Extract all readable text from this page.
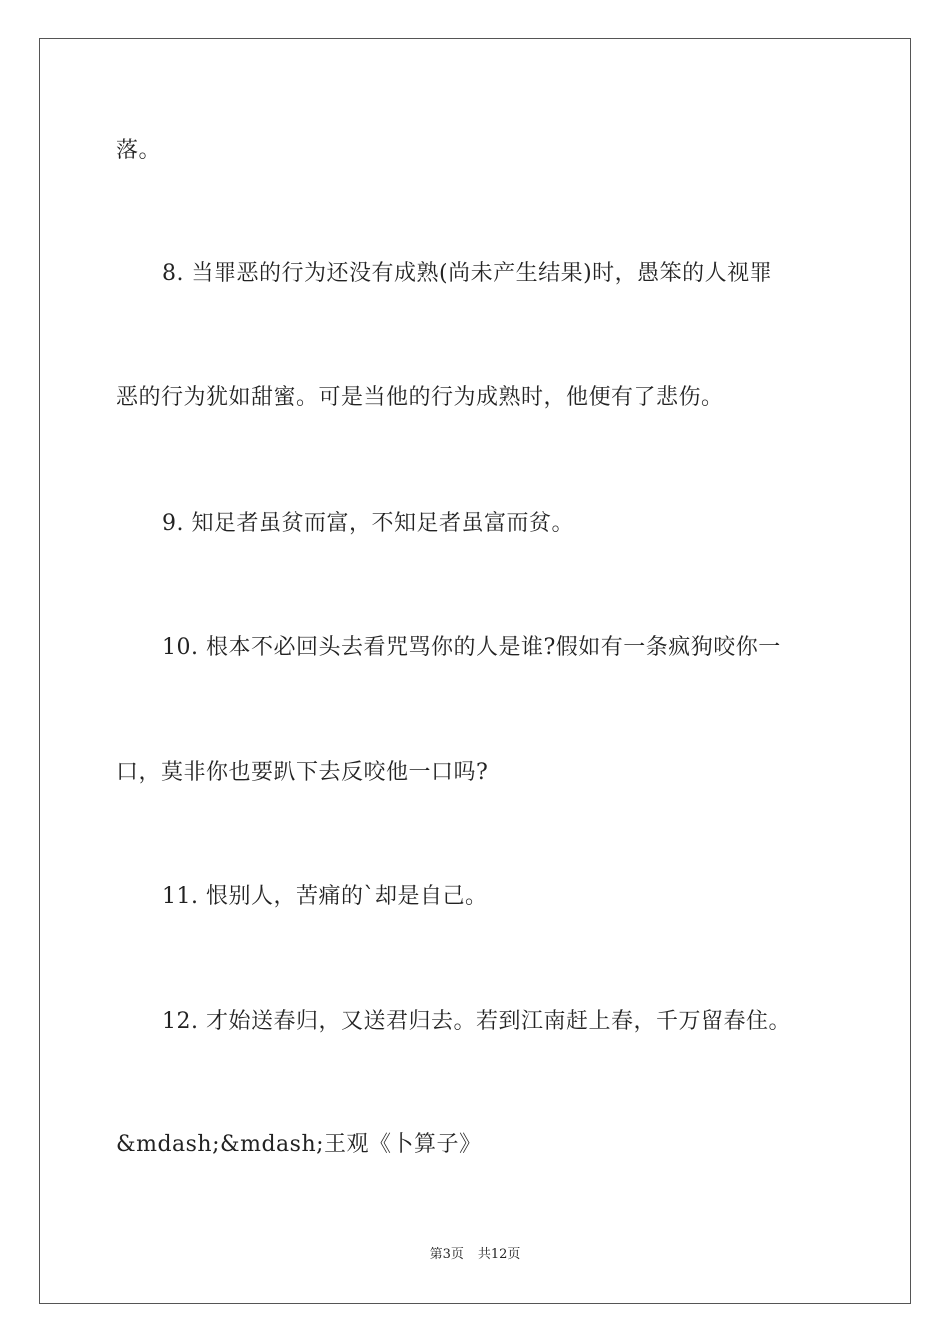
落。
8. 当罪恶的行为还没有成熟(尚未产生结果)时，愚笨的人视罪
恶的行为犹如甜蜜。可是当他的行为成熟时，他便有了悲伤。
9. 知足者虽贫而富，不知足者虽富而贫。
10. 根本不必回头去看咒骂你的人是谁?假如有一条疯狗咬你一
口，莫非你也要趴下去反咬他一口吗?
11. 恨别人，苦痛的`却是自己。
12. 才始送春归，又送君归去。若到江南赶上春，千万留春住。
&mdash;&mdash;王观《卜算子》
第3页 共12页
